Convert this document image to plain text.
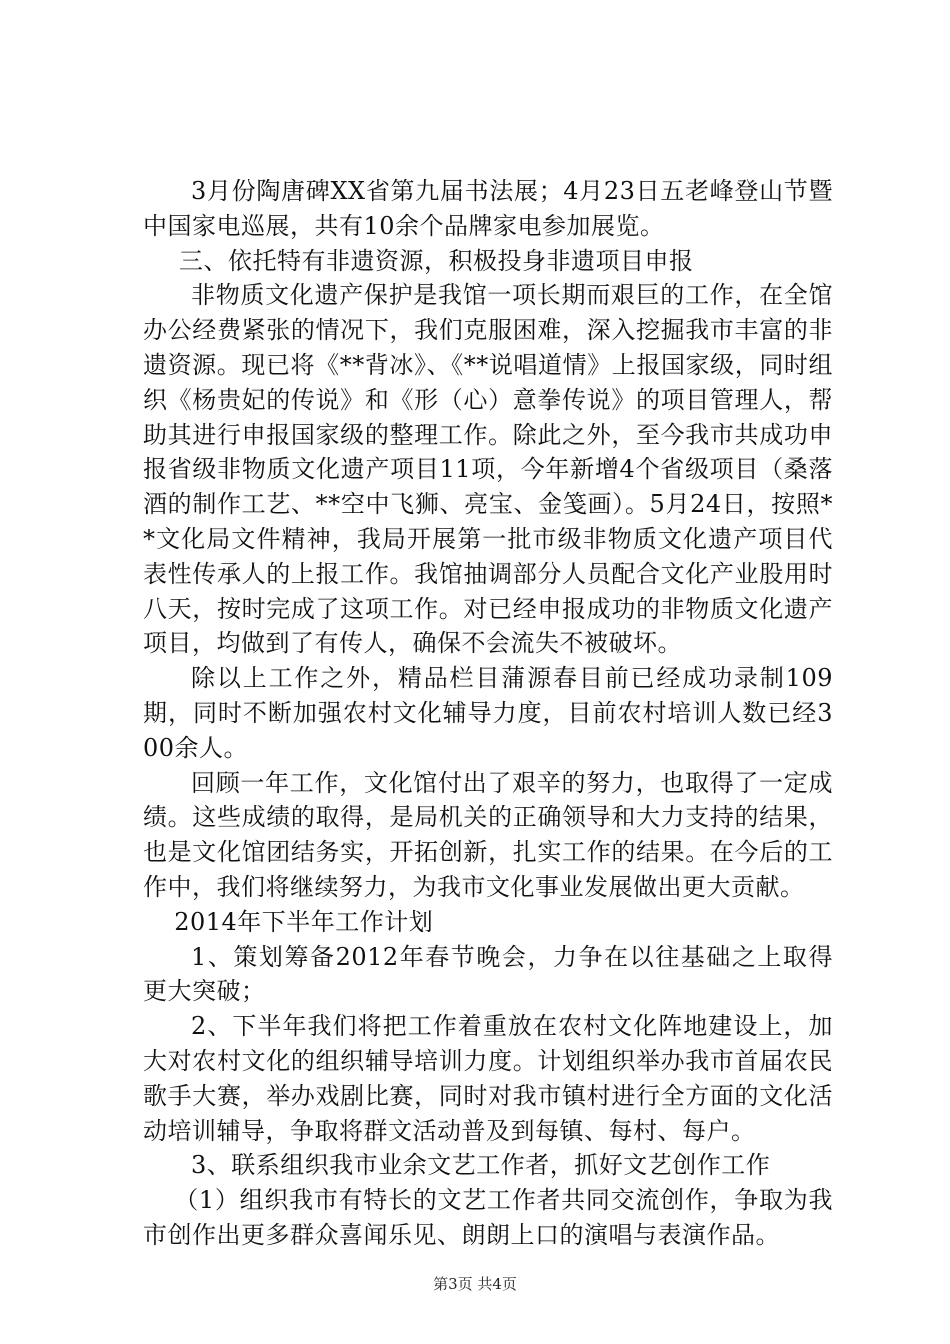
3月份陶唐碑XX省第九届书法展；4月23日五老峰登山节暨中国家电巡展，共有10余个品牌家电参加展览。

三、依托特有非遗资源，积极投身非遗项目申报

非物质文化遗产保护是我馆一项长期而艰巨的工作，在全馆办公经费紧张的情况下，我们克服困难，深入挖掘我市丰富的非遗资源。现已将《**背冰》、《**说唱道情》上报国家级，同时组织《杨贵妃的传说》和《形（心）意拳传说》的项目管理人，帮助其进行申报国家级的整理工作。除此之外，至今我市共成功申报省级非物质文化遗产项目11项，今年新增4个省级项目（桑落酒的制作工艺、**空中飞狮、亮宝、金笺画）。5月24日，按照**文化局文件精神，我局开展第一批市级非物质文化遗产项目代表性传承人的上报工作。我馆抽调部分人员配合文化产业股用时八天，按时完成了这项工作。对已经申报成功的非物质文化遗产项目，均做到了有传人，确保不会流失不被破坏。

除以上工作之外，精品栏目蒲源春目前已经成功录制109期，同时不断加强农村文化辅导力度，目前农村培训人数已经300余人。

回顾一年工作，文化馆付出了艰辛的努力，也取得了一定成绩。这些成绩的取得，是局机关的正确领导和大力支持的结果，也是文化馆团结务实，开拓创新，扎实工作的结果。在今后的工作中，我们将继续努力，为我市文化事业发展做出更大贡献。

2014年下半年工作计划

1、策划筹备2012年春节晚会，力争在以往基础之上取得更大突破；

2、下半年我们将把工作着重放在农村文化阵地建设上，加大对农村文化的组织辅导培训力度。计划组织举办我市首届农民歌手大赛，举办戏剧比赛，同时对我市镇村进行全方面的文化活动培训辅导，争取将群文活动普及到每镇、每村、每户。

3、联系组织我市业余文艺工作者，抓好文艺创作工作

（1）组织我市有特长的文艺工作者共同交流创作，争取为我市创作出更多群众喜闻乐见、朗朗上口的演唱与表演作品。

第3页 共4页
